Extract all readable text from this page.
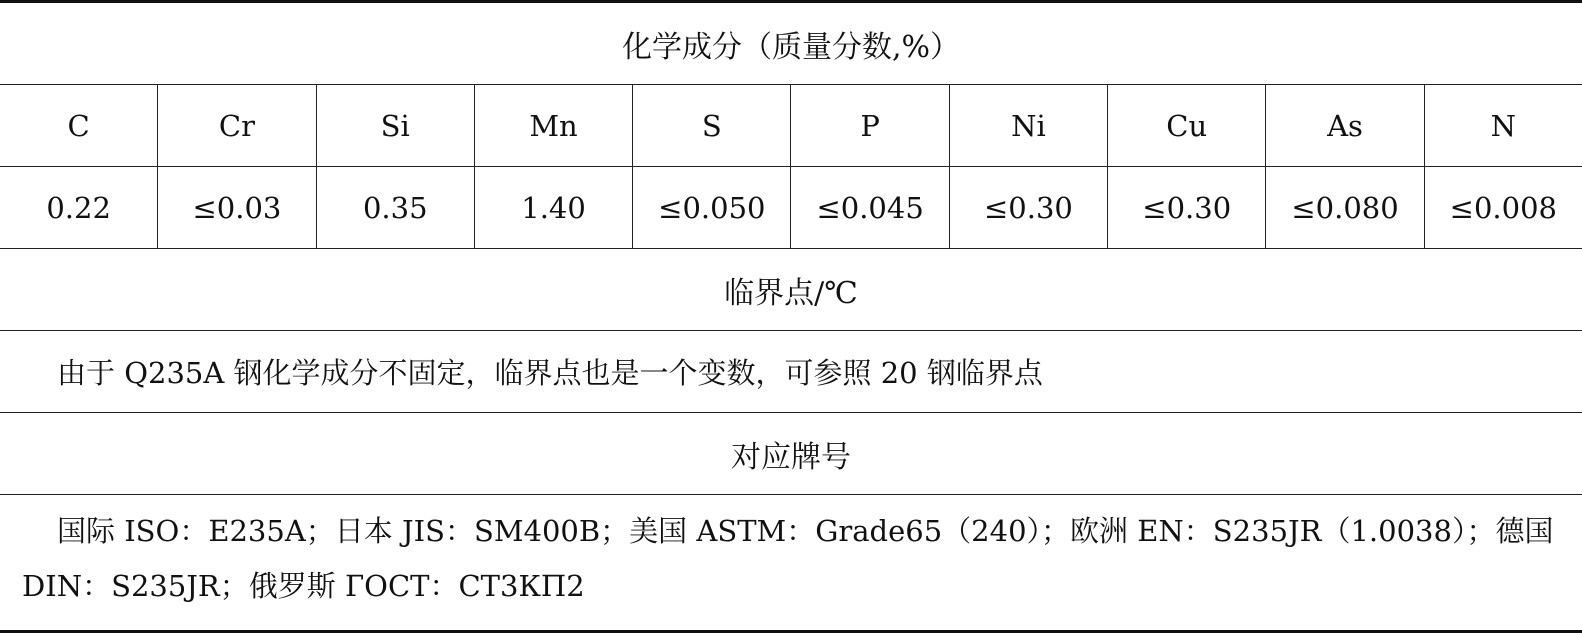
化学成分（质量分数,%）
C	Cr	Si	Mn	S	P	Ni	Cu	As	N
0.22	≤0.03	0.35	1.40	≤0.050	≤0.045	≤0.30	≤0.30	≤0.080	≤0.008
临界点/℃
由于 Q235A 钢化学成分不固定，临界点也是一个变数，可参照 20 钢临界点
对应牌号
国际 ISO：E235A；日本 JIS：SM400B；美国 ASTM：Grade65（240）；欧洲 EN：S235JR（1.0038）；德国 DIN：S235JR；俄罗斯 ГОСТ：СТ3КП2
